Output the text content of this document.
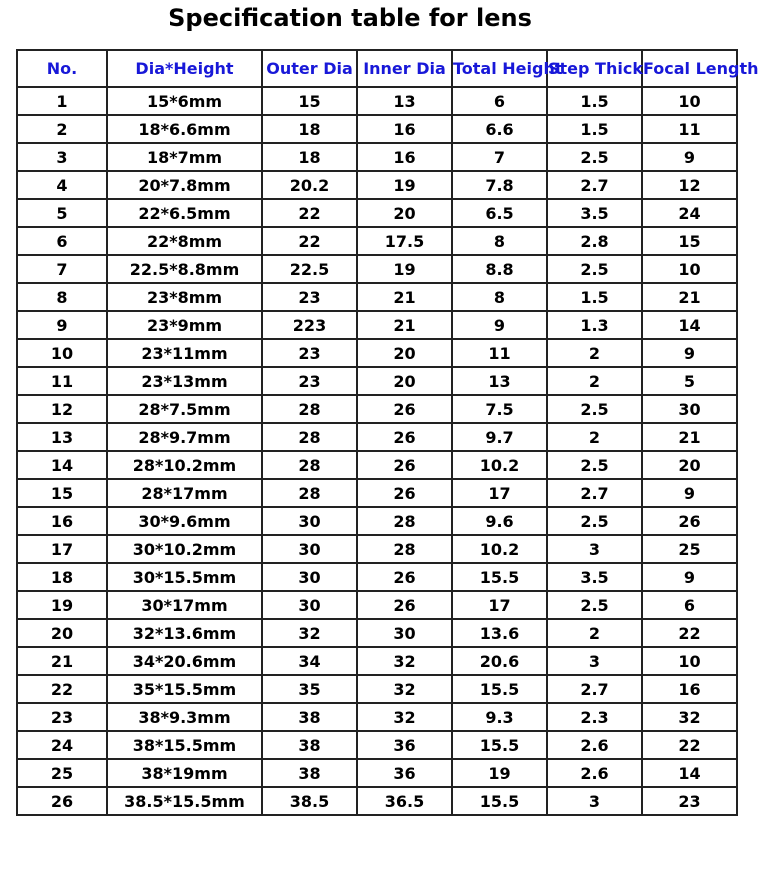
Specification table for lens
No.	Dia*Height	Outer Dia	Inner Dia	Total Height	Step Thick	Focal Length
1	15*6mm	15	13	6	1.5	10
2	18*6.6mm	18	16	6.6	1.5	11
3	18*7mm	18	16	7	2.5	9
4	20*7.8mm	20.2	19	7.8	2.7	12
5	22*6.5mm	22	20	6.5	3.5	24
6	22*8mm	22	17.5	8	2.8	15
7	22.5*8.8mm	22.5	19	8.8	2.5	10
8	23*8mm	23	21	8	1.5	21
9	23*9mm	223	21	9	1.3	14
10	23*11mm	23	20	11	2	9
11	23*13mm	23	20	13	2	5
12	28*7.5mm	28	26	7.5	2.5	30
13	28*9.7mm	28	26	9.7	2	21
14	28*10.2mm	28	26	10.2	2.5	20
15	28*17mm	28	26	17	2.7	9
16	30*9.6mm	30	28	9.6	2.5	26
17	30*10.2mm	30	28	10.2	3	25
18	30*15.5mm	30	26	15.5	3.5	9
19	30*17mm	30	26	17	2.5	6
20	32*13.6mm	32	30	13.6	2	22
21	34*20.6mm	34	32	20.6	3	10
22	35*15.5mm	35	32	15.5	2.7	16
23	38*9.3mm	38	32	9.3	2.3	32
24	38*15.5mm	38	36	15.5	2.6	22
25	38*19mm	38	36	19	2.6	14
26	38.5*15.5mm	38.5	36.5	15.5	3	23
